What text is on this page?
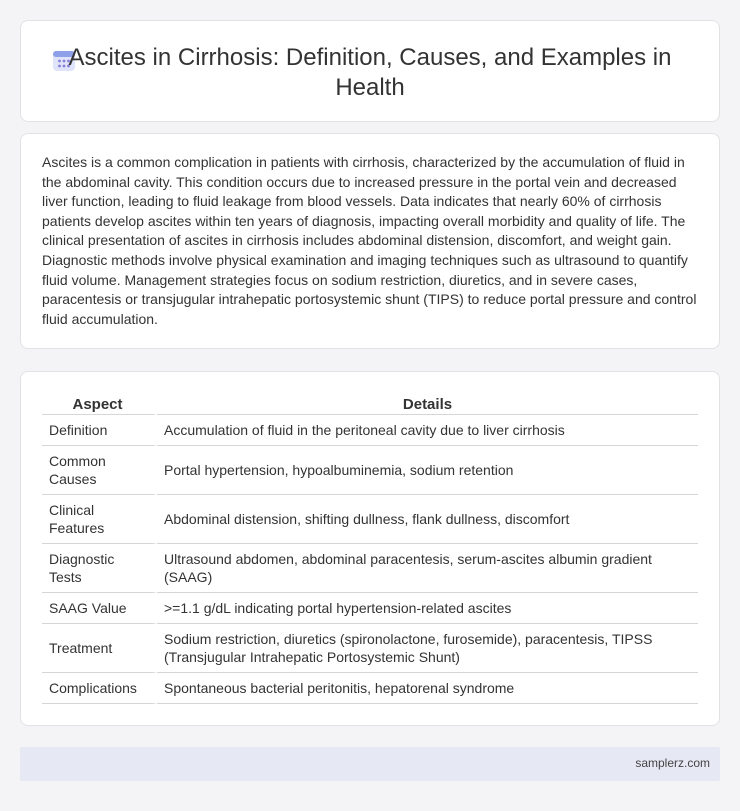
Ascites in Cirrhosis: Definition, Causes, and Examples in Health

Ascites is a common complication in patients with cirrhosis, characterized by the accumulation of fluid in the abdominal cavity. This condition occurs due to increased pressure in the portal vein and decreased liver function, leading to fluid leakage from blood vessels. Data indicates that nearly 60% of cirrhosis patients develop ascites within ten years of diagnosis, impacting overall morbidity and quality of life. The clinical presentation of ascites in cirrhosis includes abdominal distension, discomfort, and weight gain. Diagnostic methods involve physical examination and imaging techniques such as ultrasound to quantify fluid volume. Management strategies focus on sodium restriction, diuretics, and in severe cases, paracentesis or transjugular intrahepatic portosystemic shunt (TIPS) to reduce portal pressure and control fluid accumulation.

Aspect	Details
Definition	Accumulation of fluid in the peritoneal cavity due to liver cirrhosis
Common Causes	Portal hypertension, hypoalbuminemia, sodium retention
Clinical Features	Abdominal distension, shifting dullness, flank dullness, discomfort
Diagnostic Tests	Ultrasound abdomen, abdominal paracentesis, serum-ascites albumin gradient (SAAG)
SAAG Value	>=1.1 g/dL indicating portal hypertension-related ascites
Treatment	Sodium restriction, diuretics (spironolactone, furosemide), paracentesis, TIPSS (Transjugular Intrahepatic Portosystemic Shunt)
Complications	Spontaneous bacterial peritonitis, hepatorenal syndrome
samplerz.com
